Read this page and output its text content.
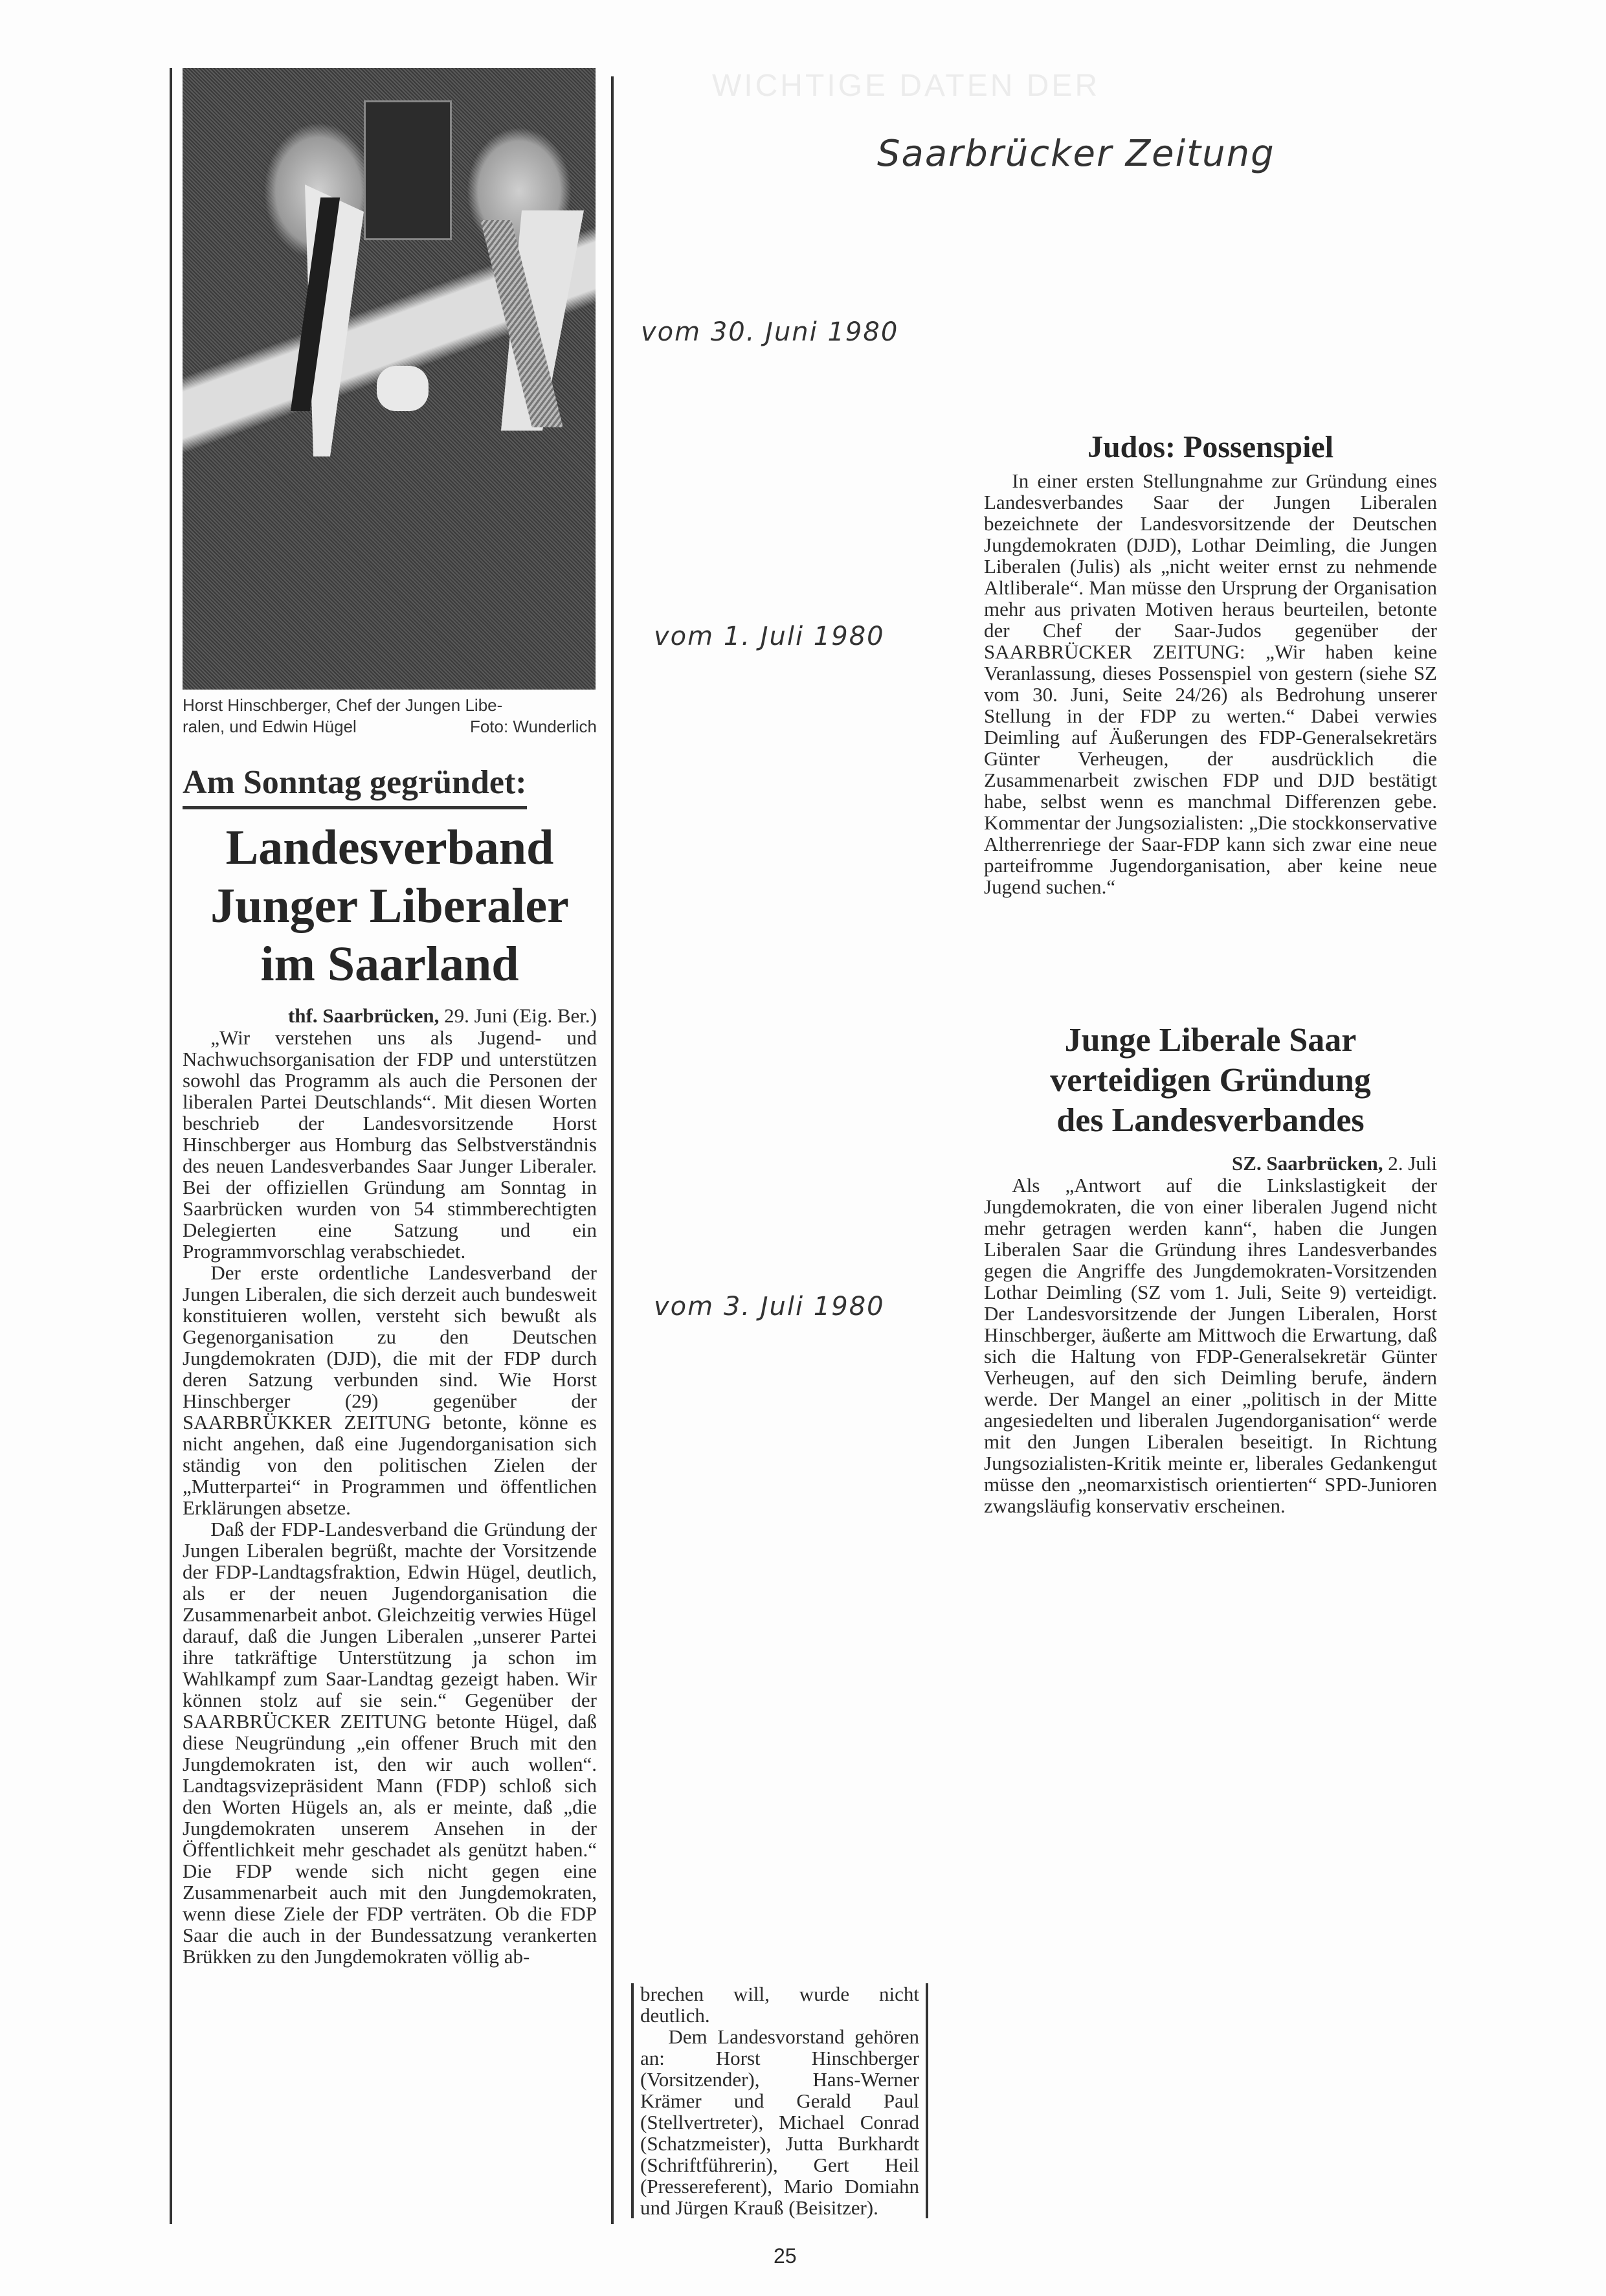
WICHTIGE DATEN DER
Saarbrücker Zeitung
vom 30. Juni 1980
vom 1. Juli 1980
vom 3. Juli 1980
Horst Hinschberger, Chef der Jungen Libe-
ralen, und Edwin Hügel	Foto: Wunderlich
Am Sonntag gegründet:
Landesverband
Junger Liberaler
im Saarland
thf. Saarbrücken, 29. Juni (Eig. Ber.)

„Wir verstehen uns als Jugend- und Nachwuchsorganisation der FDP und unterstützen sowohl das Programm als auch die Personen der liberalen Partei Deutschlands“. Mit diesen Worten beschrieb der Landesvorsitzende Horst Hinschberger aus Homburg das Selbstverständnis des neuen Landesverbandes Saar Junger Liberaler. Bei der offiziellen Gründung am Sonntag in Saarbrücken wurden von 54 stimmberechtigten Delegierten eine Satzung und ein Programmvorschlag verabschiedet.

Der erste ordentliche Landesverband der Jungen Liberalen, die sich derzeit auch bundesweit konstituieren wollen, versteht sich bewußt als Gegenorganisation zu den Deutschen Jungdemokraten (DJD), die mit der FDP durch deren Satzung verbunden sind. Wie Horst Hinschberger (29) gegenüber der SAARBRÜKKER ZEITUNG betonte, könne es nicht angehen, daß eine Jugendorganisation sich ständig von den politischen Zielen der „Mutterpartei“ in Programmen und öffentlichen Erklärungen absetze.

Daß der FDP-Landesverband die Gründung der Jungen Liberalen begrüßt, machte der Vorsitzende der FDP-Landtagsfraktion, Edwin Hügel, deutlich, als er der neuen Jugendorganisation die Zusammenarbeit anbot. Gleichzeitig verwies Hügel darauf, daß die Jungen Liberalen „unserer Partei ihre tatkräftige Unterstützung ja schon im Wahlkampf zum Saar-Landtag gezeigt haben. Wir können stolz auf sie sein.“ Gegenüber der SAARBRÜCKER ZEITUNG betonte Hügel, daß diese Neugründung „ein offener Bruch mit den Jungdemokraten ist, den wir auch wollen“. Landtagsvizepräsident Mann (FDP) schloß sich den Worten Hügels an, als er meinte, daß „die Jungdemokraten unserem Ansehen in der Öffentlichkeit mehr geschadet als genützt haben.“ Die FDP wende sich nicht gegen eine Zusammenarbeit auch mit den Jungdemokraten, wenn diese Ziele der FDP verträten. Ob die FDP Saar die auch in der Bundessatzung verankerten Brükken zu den Jungdemokraten völlig ab-

brechen will, wurde nicht deutlich.

Dem Landesvorstand gehören an: Horst Hinschberger (Vorsitzender), Hans-Werner Krämer und Gerald Paul (Stellvertreter), Michael Conrad (Schatzmeister), Jutta Burkhardt (Schriftführerin), Gert Heil (Pressereferent), Mario Domiahn und Jürgen Krauß (Beisitzer).

Judos: Possenspiel

In einer ersten Stellungnahme zur Gründung eines Landesverbandes Saar der Jungen Liberalen bezeichnete der Landesvorsitzende der Deutschen Jungdemokraten (DJD), Lothar Deimling, die Jungen Liberalen (Julis) als „nicht weiter ernst zu nehmende Altliberale“. Man müsse den Ursprung der Organisation mehr aus privaten Motiven heraus beurteilen, betonte der Chef der Saar-Judos gegenüber der SAARBRÜCKER ZEITUNG: „Wir haben keine Veranlassung, dieses Possenspiel von gestern (siehe SZ vom 30. Juni, Seite 24/26) als Bedrohung unserer Stellung in der FDP zu werten.“ Dabei verwies Deimling auf Äußerungen des FDP-Generalsekretärs Günter Verheugen, der ausdrücklich die Zusammenarbeit zwischen FDP und DJD bestätigt habe, selbst wenn es manchmal Differenzen gebe. Kommentar der Jungsozialisten: „Die stockkonservative Altherrenriege der Saar-FDP kann sich zwar eine neue parteifromme Jugendorganisation, aber keine neue Jugend suchen.“

Junge Liberale Saar
verteidigen Gründung
des Landesverbandes
SZ. Saarbrücken, 2. Juli

Als „Antwort auf die Linkslastigkeit der Jungdemokraten, die von einer liberalen Jugend nicht mehr getragen werden kann“, haben die Jungen Liberalen Saar die Gründung ihres Landesverbandes gegen die Angriffe des Jungdemokraten-Vorsitzenden Lothar Deimling (SZ vom 1. Juli, Seite 9) verteidigt. Der Landesvorsitzende der Jungen Liberalen, Horst Hinschberger, äußerte am Mittwoch die Erwartung, daß sich die Haltung von FDP-Generalsekretär Günter Verheugen, auf den sich Deimling berufe, ändern werde. Der Mangel an einer „politisch in der Mitte angesiedelten und liberalen Jugendorganisation“ werde mit den Jungen Liberalen beseitigt. In Richtung Jungsozialisten-Kritik meinte er, liberales Gedankengut müsse den „neomarxistisch orientierten“ SPD-Junioren zwangsläufig konservativ erscheinen.

25
